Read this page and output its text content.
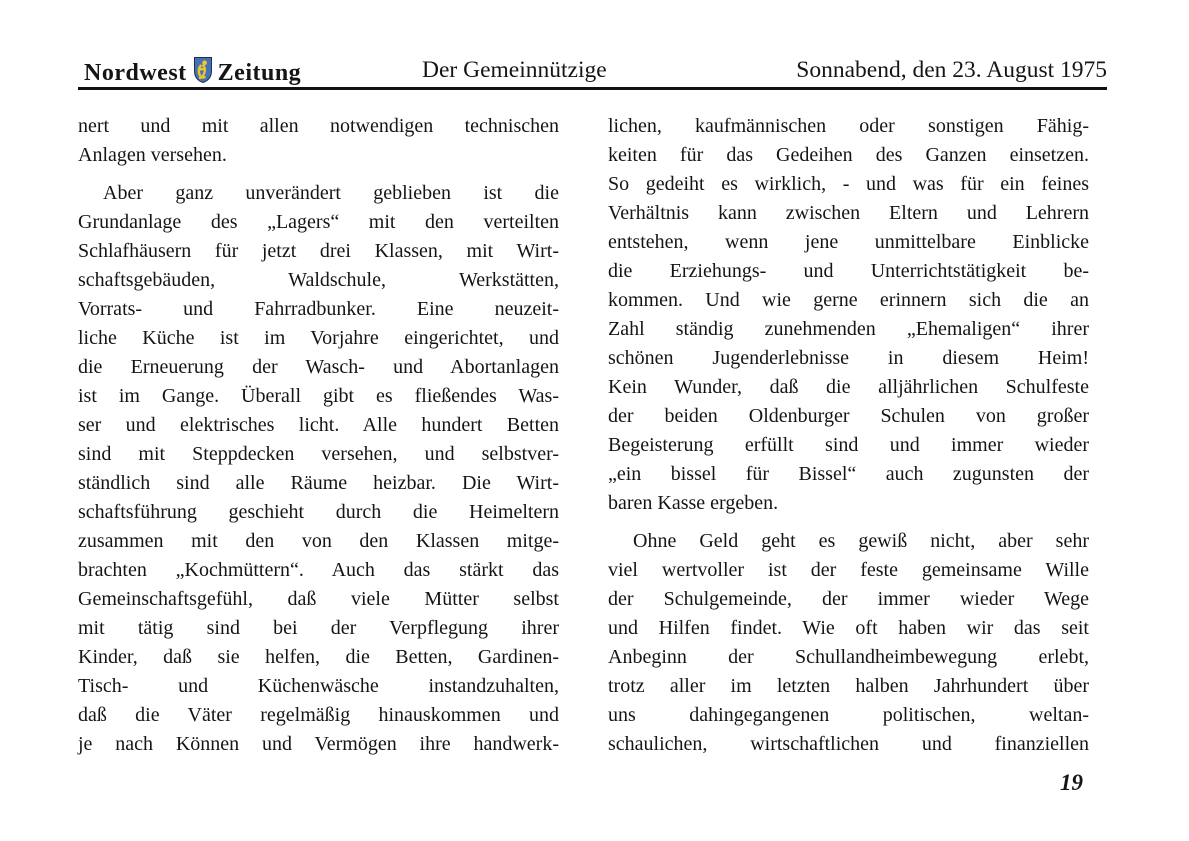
Nordwest Zeitung	Der Gemeinnützige	Sonnabend, den 23. August 1975
nert und mit allen notwendigen technischen
Anlagen versehen.
Aber ganz unverändert geblieben ist die
Grundanlage des „Lagers“ mit den verteilten
Schlafhäusern für jetzt drei Klassen, mit Wirt-
schaftsgebäuden, Waldschule, Werkstätten,
Vorrats- und Fahrradbunker. Eine neuzeit-
liche Küche ist im Vorjahre eingerichtet, und
die Erneuerung der Wasch- und Abortanlagen
ist im Gange. Überall gibt es fließendes Was-
ser und elektrisches licht. Alle hundert Betten
sind mit Steppdecken versehen, und selbstver-
ständlich sind alle Räume heizbar. Die Wirt-
schaftsführung geschieht durch die Heimeltern
zusammen mit den von den Klassen mitge-
brachten „Kochmüttern“. Auch das stärkt das
Gemeinschaftsgefühl, daß viele Mütter selbst
mit tätig sind bei der Verpflegung ihrer
Kinder, daß sie helfen, die Betten, Gardinen-
Tisch- und Küchenwäsche instandzuhalten,
daß die Väter regelmäßig hinauskommen und
je nach Können und Vermögen ihre handwerk-
lichen, kaufmännischen oder sonstigen Fähig-
keiten für das Gedeihen des Ganzen einsetzen.
So gedeiht es wirklich, - und was für ein feines
Verhältnis kann zwischen Eltern und Lehrern
entstehen, wenn jene unmittelbare Einblicke
die Erziehungs- und Unterrichtstätigkeit be-
kommen. Und wie gerne erinnern sich die an
Zahl ständig zunehmenden „Ehemaligen“ ihrer
schönen Jugenderlebnisse in diesem Heim!
Kein Wunder, daß die alljährlichen Schulfeste
der beiden Oldenburger Schulen von großer
Begeisterung erfüllt sind und immer wieder
„ein bissel für Bissel“ auch zugunsten der
baren Kasse ergeben.
Ohne Geld geht es gewiß nicht, aber sehr
viel wertvoller ist der feste gemeinsame Wille
der Schulgemeinde, der immer wieder Wege
und Hilfen findet. Wie oft haben wir das seit
Anbeginn der Schullandheimbewegung erlebt,
trotz aller im letzten halben Jahrhundert über
uns dahingegangenen politischen, weltan-
schaulichen, wirtschaftlichen und finanziellen
19
